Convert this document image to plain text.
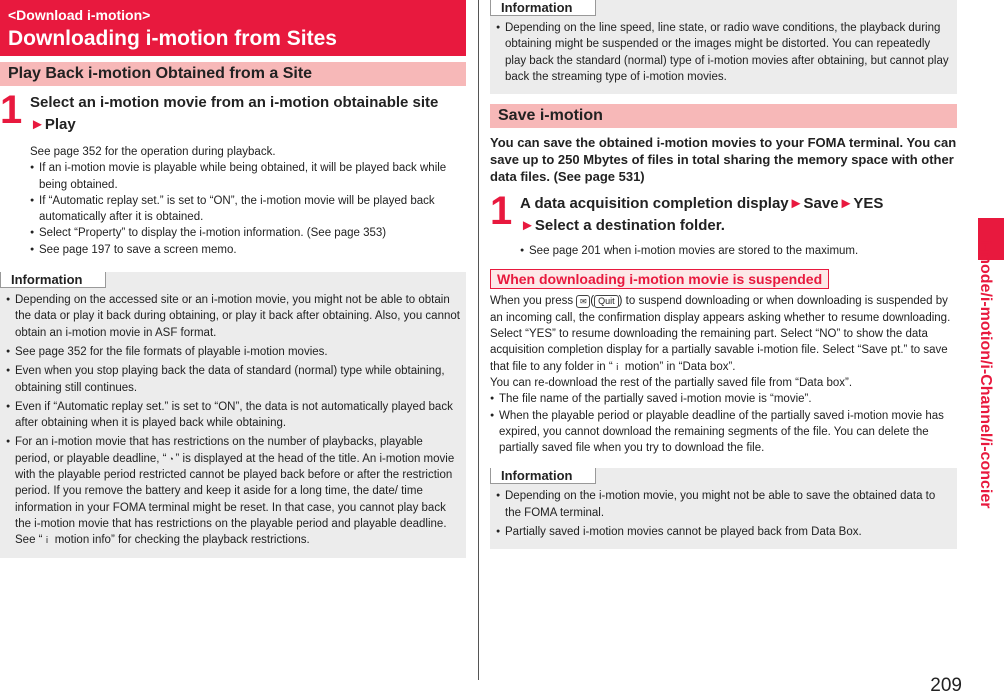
<Download i-motion>
Downloading i-motion from Sites
Play Back i-motion Obtained from a Site
1 Select an i-motion movie from an i-motion obtainable site
►Play
See page 352 for the operation during playback.
● If an i-motion movie is playable while being obtained, it will be played back while being obtained.
● If “Automatic replay set.” is set to “ON”, the i-motion movie will be played back automatically after it is obtained.
● Select “Property” to display the i-motion information. (See page 353)
● See page 197 to save a screen memo.
Information
● Depending on the accessed site or an i-motion movie, you might not be able to obtain the data or play it back during obtaining, or play it back after obtaining. Also, you cannot obtain an i-motion movie in ASF format.
● See page 352 for the file formats of playable i-motion movies.
● Even when you stop playing back the data of standard (normal) type while obtaining, obtaining still continues.
● Even if “Automatic replay set.” is set to “ON”, the data is not automatically played back after obtaining when it is played back while obtaining.
● For an i-motion movie that has restrictions on the number of playbacks, playable period, or playable deadline, “ ◔ ” is displayed at the head of the title. An i-motion movie with the playable period restricted cannot be played back before or after the restriction period. If you remove the battery and keep it aside for a long time, the date/ time information in your FOMA terminal might be reset. In that case, you cannot play back the i-motion movie that has restrictions on the playable period and playable deadline. See “ ⅰ motion info” for checking the playback restrictions.
Information
● Depending on the line speed, line state, or radio wave conditions, the playback during obtaining might be suspended or the images might be distorted. You can repeatedly play back the standard (normal) type of i-motion movies after obtaining, but cannot play back the streaming type of i-motion movies.
Save i-motion
You can save the obtained i-motion movies to your FOMA terminal. You can save up to 250 Mbytes of files in total sharing the memory space with other data files. (See page 531)
1 A data acquisition completion display►Save►YES
►Select a destination folder.
● See page 201 when i-motion movies are stored to the maximum.
When downloading i-motion movie is suspended
When you press ✉ ( Quit ) to suspend downloading or when downloading is suspended by an incoming call, the confirmation display appears asking whether to resume downloading.
Select “YES” to resume downloading the remaining part. Select “NO” to show the data acquisition completion display for a partially savable i-motion file. Select “Save pt.” to save that file to any folder in “ ⅰ motion” in “Data box”.
You can re-download the rest of the partially saved file from “Data box”.
● The file name of the partially saved i-motion movie is “movie”.
● When the playable period or playable deadline of the partially saved i-motion movie has expired, you cannot download the remaining segments of the file. You can delete the partially saved file when you try to download the file.
Information
● Depending on the i-motion movie, you might not be able to save the obtained data to the FOMA terminal.
● Partially saved i-motion movies cannot be played back from Data Box.
i-mode/i-motion/i-Channel/i-concier
209
